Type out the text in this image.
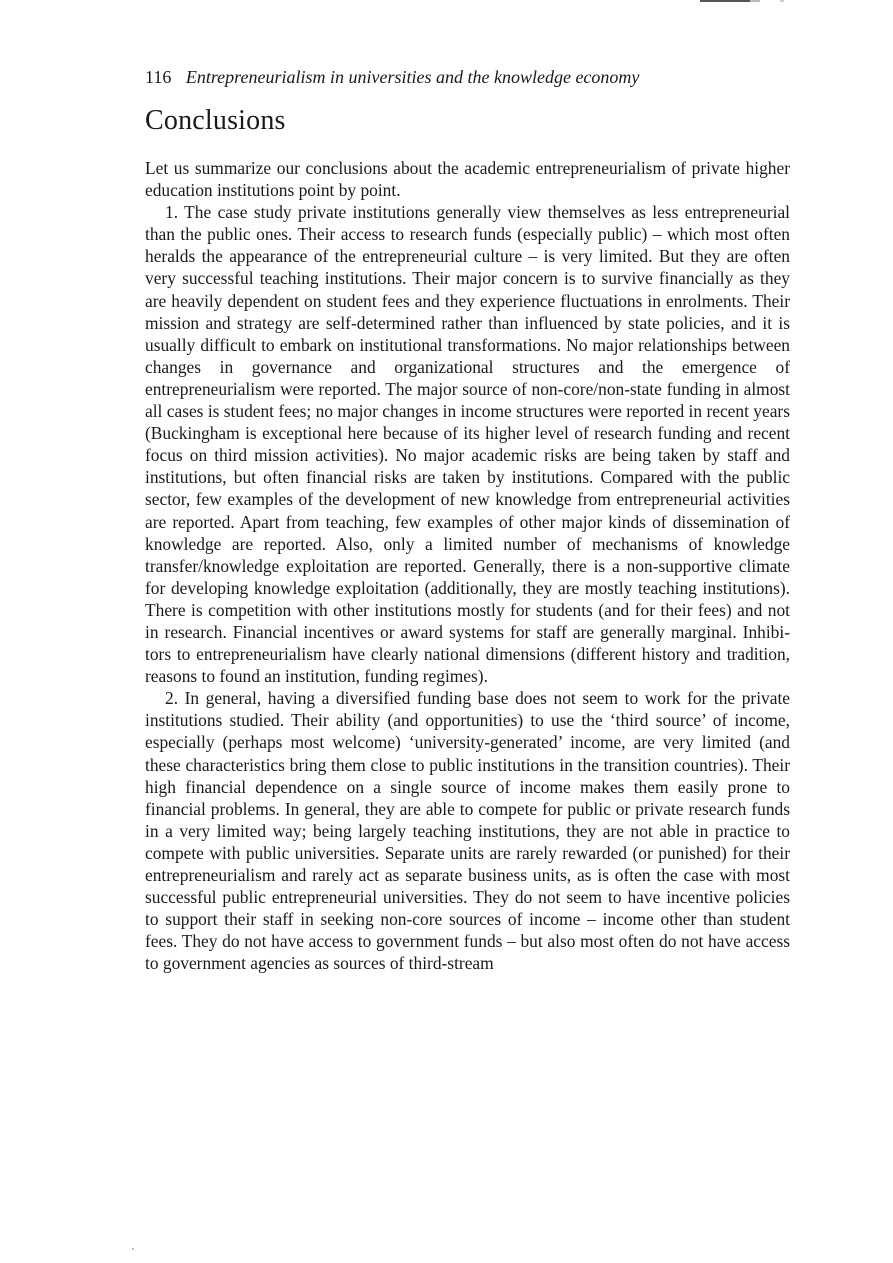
116 Entrepreneurialism in universities and the knowledge economy
Conclusions

Let us summarize our conclusions about the academic entrepreneurialism of private higher education institutions point by point.

1. The case study private institutions generally view themselves as less entrepreneurial than the public ones. Their access to research funds (especially public) – which most often heralds the appearance of the entrepreneurial culture – is very limited. But they are often very successful teaching institutions. Their major concern is to survive financially as they are heavily dependent on student fees and they experience fluctuations in enrolments. Their mission and strategy are self-determined rather than influenced by state policies, and it is usually difficult to embark on institutional transformations. No major relationships between changes in governance and organizational structures and the emergence of entrepreneurialism were reported. The major source of non-core/non-state funding in almost all cases is student fees; no major changes in income structures were reported in recent years (Buckingham is exceptional here because of its higher level of research funding and recent focus on third mission activities). No major academic risks are being taken by staff and institutions, but often financial risks are taken by institutions. Compared with the public sector, few examples of the development of new knowledge from entrepreneurial activities are reported. Apart from teaching, few examples of other major kinds of dissemination of knowledge are reported. Also, only a limited number of mechanisms of knowledge transfer/knowledge exploitation are reported. Generally, there is a non-supportive climate for developing knowledge exploitation (additionally, they are mostly teaching institutions). There is competition with other institutions mostly for students (and for their fees) and not in research. Financial incentives or award systems for staff are generally marginal. Inhibitors to entrepreneurialism have clearly national dimensions (different history and tradition, reasons to found an institution, funding regimes).

2. In general, having a diversified funding base does not seem to work for the private institutions studied. Their ability (and opportunities) to use the ‘third source’ of income, especially (perhaps most welcome) ‘university-generated’ income, are very limited (and these characteristics bring them close to public institutions in the transition countries). Their high financial dependence on a single source of income makes them easily prone to financial problems. In general, they are able to compete for public or private research funds in a very limited way; being largely teaching institutions, they are not able in practice to compete with public universities. Separate units are rarely rewarded (or punished) for their entrepreneurialism and rarely act as separate business units, as is often the case with most successful public entrepreneurial universities. They do not seem to have incentive policies to support their staff in seeking non-core sources of income – income other than student fees. They do not have access to government funds – but also most often do not have access to government agencies as sources of third-stream
